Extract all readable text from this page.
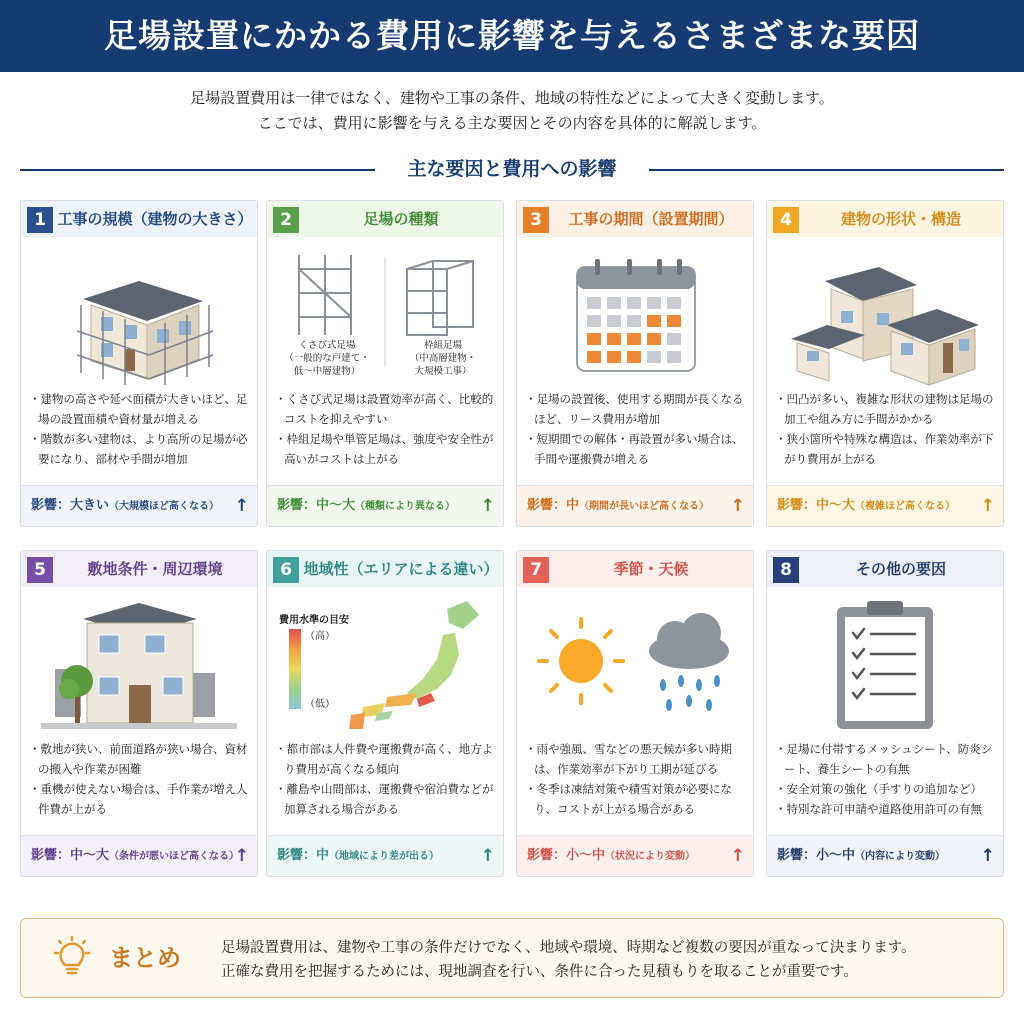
足場設置にかかる費用に影響を与えるさまざまな要因
足場設置費用は一律ではなく、建物や工事の条件、地域の特性などによって大きく変動します。
ここでは、費用に影響を与える主な要因とその内容を具体的に解説します。
主な要因と費用への影響
1 工事の規模（建物の大きさ）
・建物の高さや延べ面積が大きいほど、足場の設置面積や資材量が増える
・階数が多い建物は、より高所の足場が必要になり、部材や手間が増加
影響：大きい（大規模ほど高くなる） ↑
2	足場の種類
くさび式足場
（一般的な戸建て・
低〜中層建物）
枠組足場
（中高層建物・
大規模工事）
・くさび式足場は設置効率が高く、比較的コストを抑えやすい
・枠組足場や単管足場は、強度や安全性が高いがコストは上がる
影響：中〜大（種類により異なる） ↑
3	工事の期間（設置期間）
・足場の設置後、使用する期間が長くなるほど、リース費用が増加
・短期間での解体・再設置が多い場合は、手間や運搬費が増える
影響：中（期間が長いほど高くなる） ↑
4	建物の形状・構造
・凹凸が多い、複雑な形状の建物は足場の加工や組み方に手間がかかる
・狭小箇所や特殊な構造は、作業効率が下がり費用が上がる
影響：中〜大（複雑ほど高くなる） ↑
5	敷地条件・周辺環境
・敷地が狭い、前面道路が狭い場合、資材の搬入や作業が困難
・重機が使えない場合は、手作業が増え人件費が上がる
影響：中〜大（条件が悪いほど高くなる）
↑
6 地域性（エリアによる違い）
費用水準の目安
（高）
（低）
・都市部は人件費や運搬費が高く、地方より費用が高くなる傾向
・離島や山間部は、運搬費や宿泊費などが加算される場合がある
影響：中（地域により差が出る） ↑
7	季節・天候
・雨や強風、雪などの悪天候が多い時期は、作業効率が下がり工期が延びる
・冬季は凍結対策や積雪対策が必要になり、コストが上がる場合がある
影響：小〜中（状況により変動） ↑
8	その他の要因
・足場に付帯するメッシュシート、防炎シート、養生シートの有無
・安全対策の強化（手すりの追加など）
・特別な許可申請や道路使用許可の有無
影響：小〜中（内容により変動） ↑
まとめ	足場設置費用は、建物や工事の条件だけでなく、地域や環境、時期など複数の要因が重なって決まります。
正確な費用を把握するためには、現地調査を行い、条件に合った見積もりを取ることが重要です。
